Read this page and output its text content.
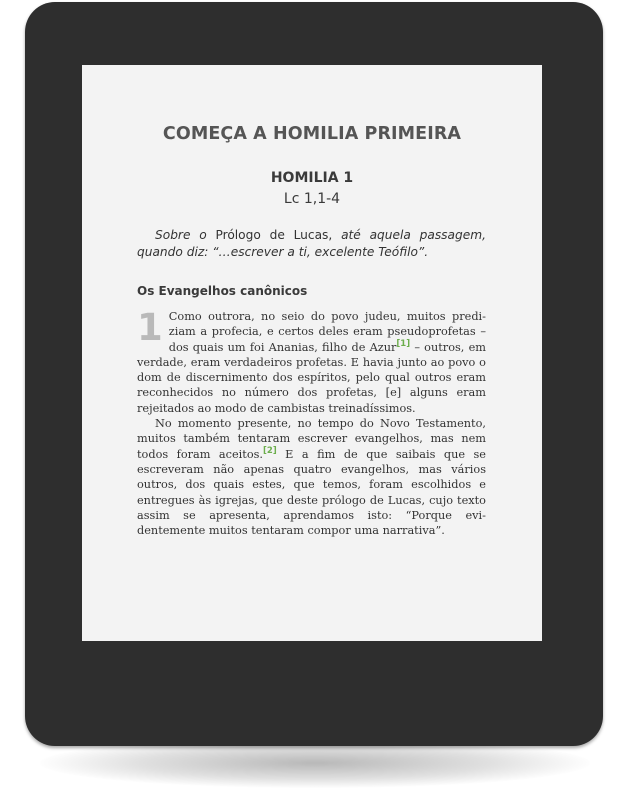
COMEÇA A HOMILIA PRIMEIRA
HOMILIA 1
Lc 1,1-4
Sobre o Prólogo de Lucas, até aquela passagem, quando diz: “…escrever a ti, excelente Teófilo”.
Os Evangelhos canônicos

1 Como outrora, no seio do povo judeu, muitos prediziam a profecia, e certos deles eram pseudoprofetas – dos quais um foi Ananias, filho de Azur[1] – outros, em verdade, eram verdadeiros profetas. E havia junto ao povo o dom de discernimento dos espíritos, pelo qual outros eram reconhecidos no número dos profetas, [e] alguns eram rejeitados ao modo de cambistas treinadíssimos.

No momento presente, no tempo do Novo Testamento, muitos também tentaram escrever evangelhos, mas nem todos foram aceitos.[2] E a fim de que saibais que se escreveram não apenas quatro evangelhos, mas vários outros, dos quais estes, que temos, foram escolhidos e entregues às igrejas, que deste prólogo de Lucas, cujo texto assim se apresenta, aprendamos isto: “Porque evidentemente muitos tentaram compor uma narrativa”.
